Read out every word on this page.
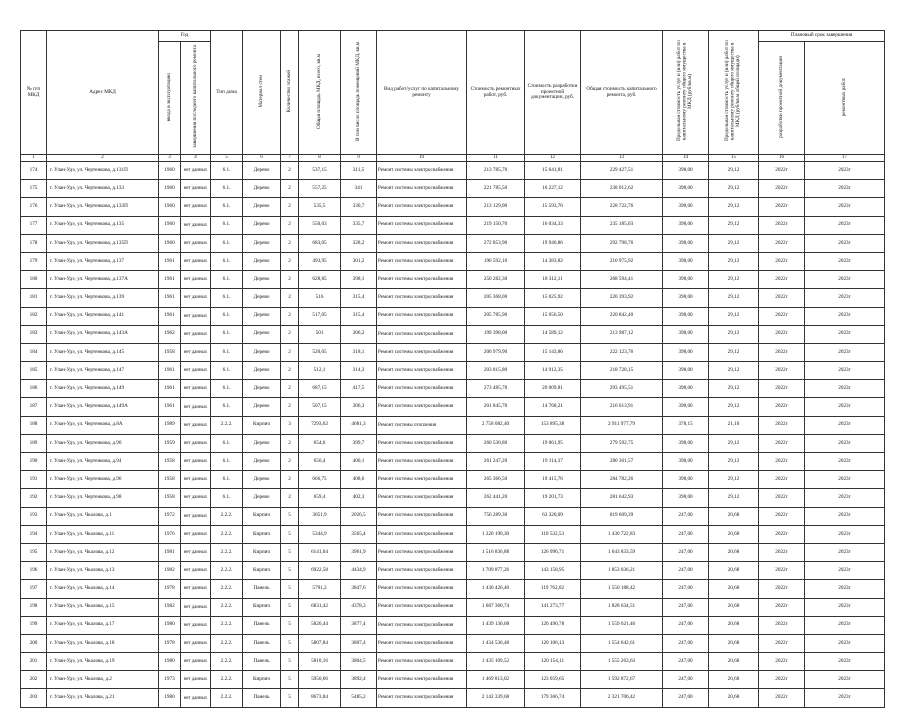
№ п/п МКД	Адрес МКД	Год		Тип дома	Материал стен	Количество этажей	Общая площадь МКД, всего, кв.м	В том числе площадь помещений МКД, кв.м	Вид работ/услуг по капитальному ремонту	Стоимость ремонтных работ, руб.	Стоимость разработки проектной документации, руб.	Общая стоимость капитального ремонта, руб.	Предельная стоимость услуг и (или) работ по капитальному ремонту общего имущества в МКД (руб/кв.м)	Предельная стоимость услуг и (или) работ по капитальному ремонту общего имущества в МКД (руб/кв.м общей площади)	Плановый срок завершения	
		ввода в эксплуатацию	завершения последнего капитального ремонта												разработки проектной документации	ремонтных работ
1	2	3	4	5	6	7	8	9	10	11	12	13	14	15	16	17
174	г. Улан-Удэ, ул. Чертенкова, д.131П	1960	нет данных	6.1.	Дерево	2	537,15	311,5	Ремонт системы электроснабжения	213 785,70	15 641,81	229 427,51	398,00	29,12	2022г	2023г
175	г. Улан-Удэ, ул. Чертенкова, д.133	1960	нет данных	6.1.	Дерево	2	557,25	341	Ремонт системы электроснабжения	221 785,50	16 227,12	238 012,62	398,00	29,12	2022г	2023г
176	г. Улан-Удэ, ул. Чертенкова, д.133П	1960	нет данных	6.1.	Дерево	2	535,5	330,7	Ремонт системы электроснабжения	213 129,00	15 593,76	228 722,76	398,00	29,12	2022г	2023г
177	г. Улан-Удэ, ул. Чертенкова, д.135	1960	нет данных	6.1.	Дерево	2	550,63	335,7	Ремонт системы электроснабжения	219 150,70	16 034,33	235 185,03	398,00	29,12	2022г	2023г
178	г. Улан-Удэ, ул. Чертенкова, д.135П	1960	нет данных	6.1.	Дерево	2	683,05	328,2	Ремонт системы электроснабжения	272 853,90	19 946,86	292 798,76	398,00	29,12	2022г	2023г
179	г. Улан-Удэ, ул. Чертенкова, д.137	1961	нет данных	6.1.	Дерево	2	493,95	301,2	Ремонт системы электроснабжения	196 592,10	14 383,82	210 975,92	398,00	29,12	2022г	2023г
180	г. Улан-Удэ, ул. Чертенкова, д.137А	1961	нет данных	6.1.	Дерево	2	628,85	398,1	Ремонт системы электроснабжения	250 282,30	18 312,11	268 594,41	398,00	29,12	2022г	2023г
181	г. Улан-Удэ, ул. Чертенкова, д.139	1961	нет данных	6.1.	Дерево	2	516	315,4	Ремонт системы электроснабжения	205 368,00	15 025,92	220 393,92	398,00	29,12	2022г	2023г
182	г. Улан-Удэ, ул. Чертенкова, д.141	1961	нет данных	6.1.	Дерево	2	517,05	315,4	Ремонт системы электроснабжения	205 785,90	15 056,50	220 842,40	398,00	29,12	2022г	2023г
183	г. Улан-Удэ, ул. Чертенкова, д.143А	1962	нет данных	6.1.	Дерево	2	501	306,2	Ремонт системы электроснабжения	199 398,00	14 589,12	213 987,12	398,00	29,12	2022г	2023г
184	г. Улан-Удэ, ул. Чертенкова, д.145	1958	нет данных	6.1.	Дерево	2	520,05	318,1	Ремонт системы электроснабжения	206 979,90	15 143,86	222 123,76	398,00	29,12	2022г	2023г
185	г. Улан-Удэ, ул. Чертенкова, д.147	1961	нет данных	6.1.	Дерево	2	512,1	314,3	Ремонт системы электроснабжения	203 815,80	14 912,35	218 728,15	398,00	29,12	2022г	2023г
186	г. Улан-Удэ, ул. Чертенкова, д.149	1961	нет данных	6.1.	Дерево	2	687,15	417,5	Ремонт системы электроснабжения	273 485,70	20 009,81	293 495,51	398,00	29,12	2022г	2023г
187	г. Улан-Удэ, ул. Чертенкова, д.149А	1961	нет данных	6.1.	Дерево	2	507,15	306,3	Ремонт системы электроснабжения	201 845,70	14 768,21	216 613,91	398,00	29,12	2022г	2023г
188	г. Улан-Удэ, ул. Чертенкова, д.8А	1989	нет данных	2.2.2.	Кирпич	3	7293,62	4681,3	Ремонт системы отопления	2 758 082,40	153 895,38	2 911 977,79	378,15	21,10	2022г	2023г
189	г. Улан-Удэ, ул. Чертенкова, д.90	1959	нет данных	6.1.	Дерево	2	654,6	399,7	Ремонт системы электроснабжения	260 530,80	19 061,95	279 592,75	398,00	29,12	2022г	2023г
190	г. Улан-Удэ, ул. Чертенкова, д.94	1958	нет данных	6.1.	Дерево	2	656,4	400,1	Ремонт системы электроснабжения	261 247,20	19 114,37	280 361,57	398,00	29,12	2022г	2023г
191	г. Улан-Удэ, ул. Чертенкова, д.96	1958	нет данных	6.1.	Дерево	2	666,75	408,6	Ремонт системы электроснабжения	265 366,50	19 415,76	284 782,26	398,00	29,12	2022г	2023г
192	г. Улан-Удэ, ул. Чертенкова, д.98	1958	нет данных	6.1.	Дерево	2	659,4	402,3	Ремонт системы электроснабжения	262 441,20	19 201,73	281 642,93	398,00	29,12	2022г	2023г
193	г. Улан-Удэ, ул. Чкалова, д.1	1972	нет данных	2.2.2.	Кирпич	5	3051,9	2026,5	Ремонт системы электроснабжения	756 289,30	63 320,09	819 609,39	247,00	20,68	2022г	2023г
194	г. Улан-Удэ, ул. Чкалова, д.11	1976	нет данных	2.2.2.	Кирпич	5	5344,9	3565,4	Ремонт системы электроснабжения	1 320 190,30	110 532,53	1 430 722,83	247,00	20,68	2022г	2023г
195	г. Улан-Удэ, ул. Чкалова, д.12	1981	нет данных	2.2.2.	Кирпич	5	6141,04	3961,9	Ремонт системы электроснабжения	1 516 836,88	126 996,71	1 643 833,59	247,00	20,68	2022г	2023г
196	г. Улан-Удэ, ул. Чкалова, д.13	1982	нет данных	2.2.2.	Кирпич	5	6922,58	4434,9	Ремонт системы электроснабжения	1 709 877,26	143 158,95	1 853 036,21	247,00	20,68	2022г	2023г
197	г. Улан-Удэ, ул. Чкалова, д.14	1978	нет данных	2.2.2.	Панель	5	5791,2	3847,6	Ремонт системы электроснабжения	1 430 426,40	119 762,02	1 550 188,42	247,00	20,68	2022г	2023г
198	г. Улан-Удэ, ул. Чкалова, д.15	1982	нет данных	2.2.2.	Кирпич	5	6831,42	4378,3	Ремонт системы электроснабжения	1 687 360,74	141 273,77	1 828 634,51	247,00	20,68	2022г	2023г
199	г. Улан-Удэ, ул. Чкалова, д.17	1980	нет данных	2.2.2.	Панель	5	5826,44	3877,4	Ремонт системы электроснабжения	1 439 130,68	120 490,78	1 559 621,46	247,00	20,68	2022г	2023г
200	г. Улан-Удэ, ул. Чкалова, д.18	1978	нет данных	2.2.2.	Панель	5	5807,84	3807,4	Ремонт системы электроснабжения	1 434 536,48	120 106,13	1 554 642,61	247,00	20,68	2022г	2023г
201	г. Улан-Удэ, ул. Чкалова, д.19	1980	нет данных	2.2.2.	Панель	5	5810,16	3804,5	Ремонт системы электроснабжения	1 435 109,52	120 154,11	1 555 263,63	247,00	20,68	2022г	2023г
202	г. Улан-Удэ, ул. Чкалова, д.2	1973	нет данных	2.2.2.	Кирпич	5	5950,66	3892,4	Ремонт системы электроснабжения	1 469 813,02	123 059,65	1 592 872,67	247,00	20,68	2022г	2023г
203	г. Улан-Удэ, ул. Чкалова, д.21	1980	нет данных	2.2.2.	Панель	5	8673,84	5485,2	Ремонт системы электроснабжения	2 142 339,68	179 366,74	2 321 706,42	247,00	20,68	2022г	2023г
